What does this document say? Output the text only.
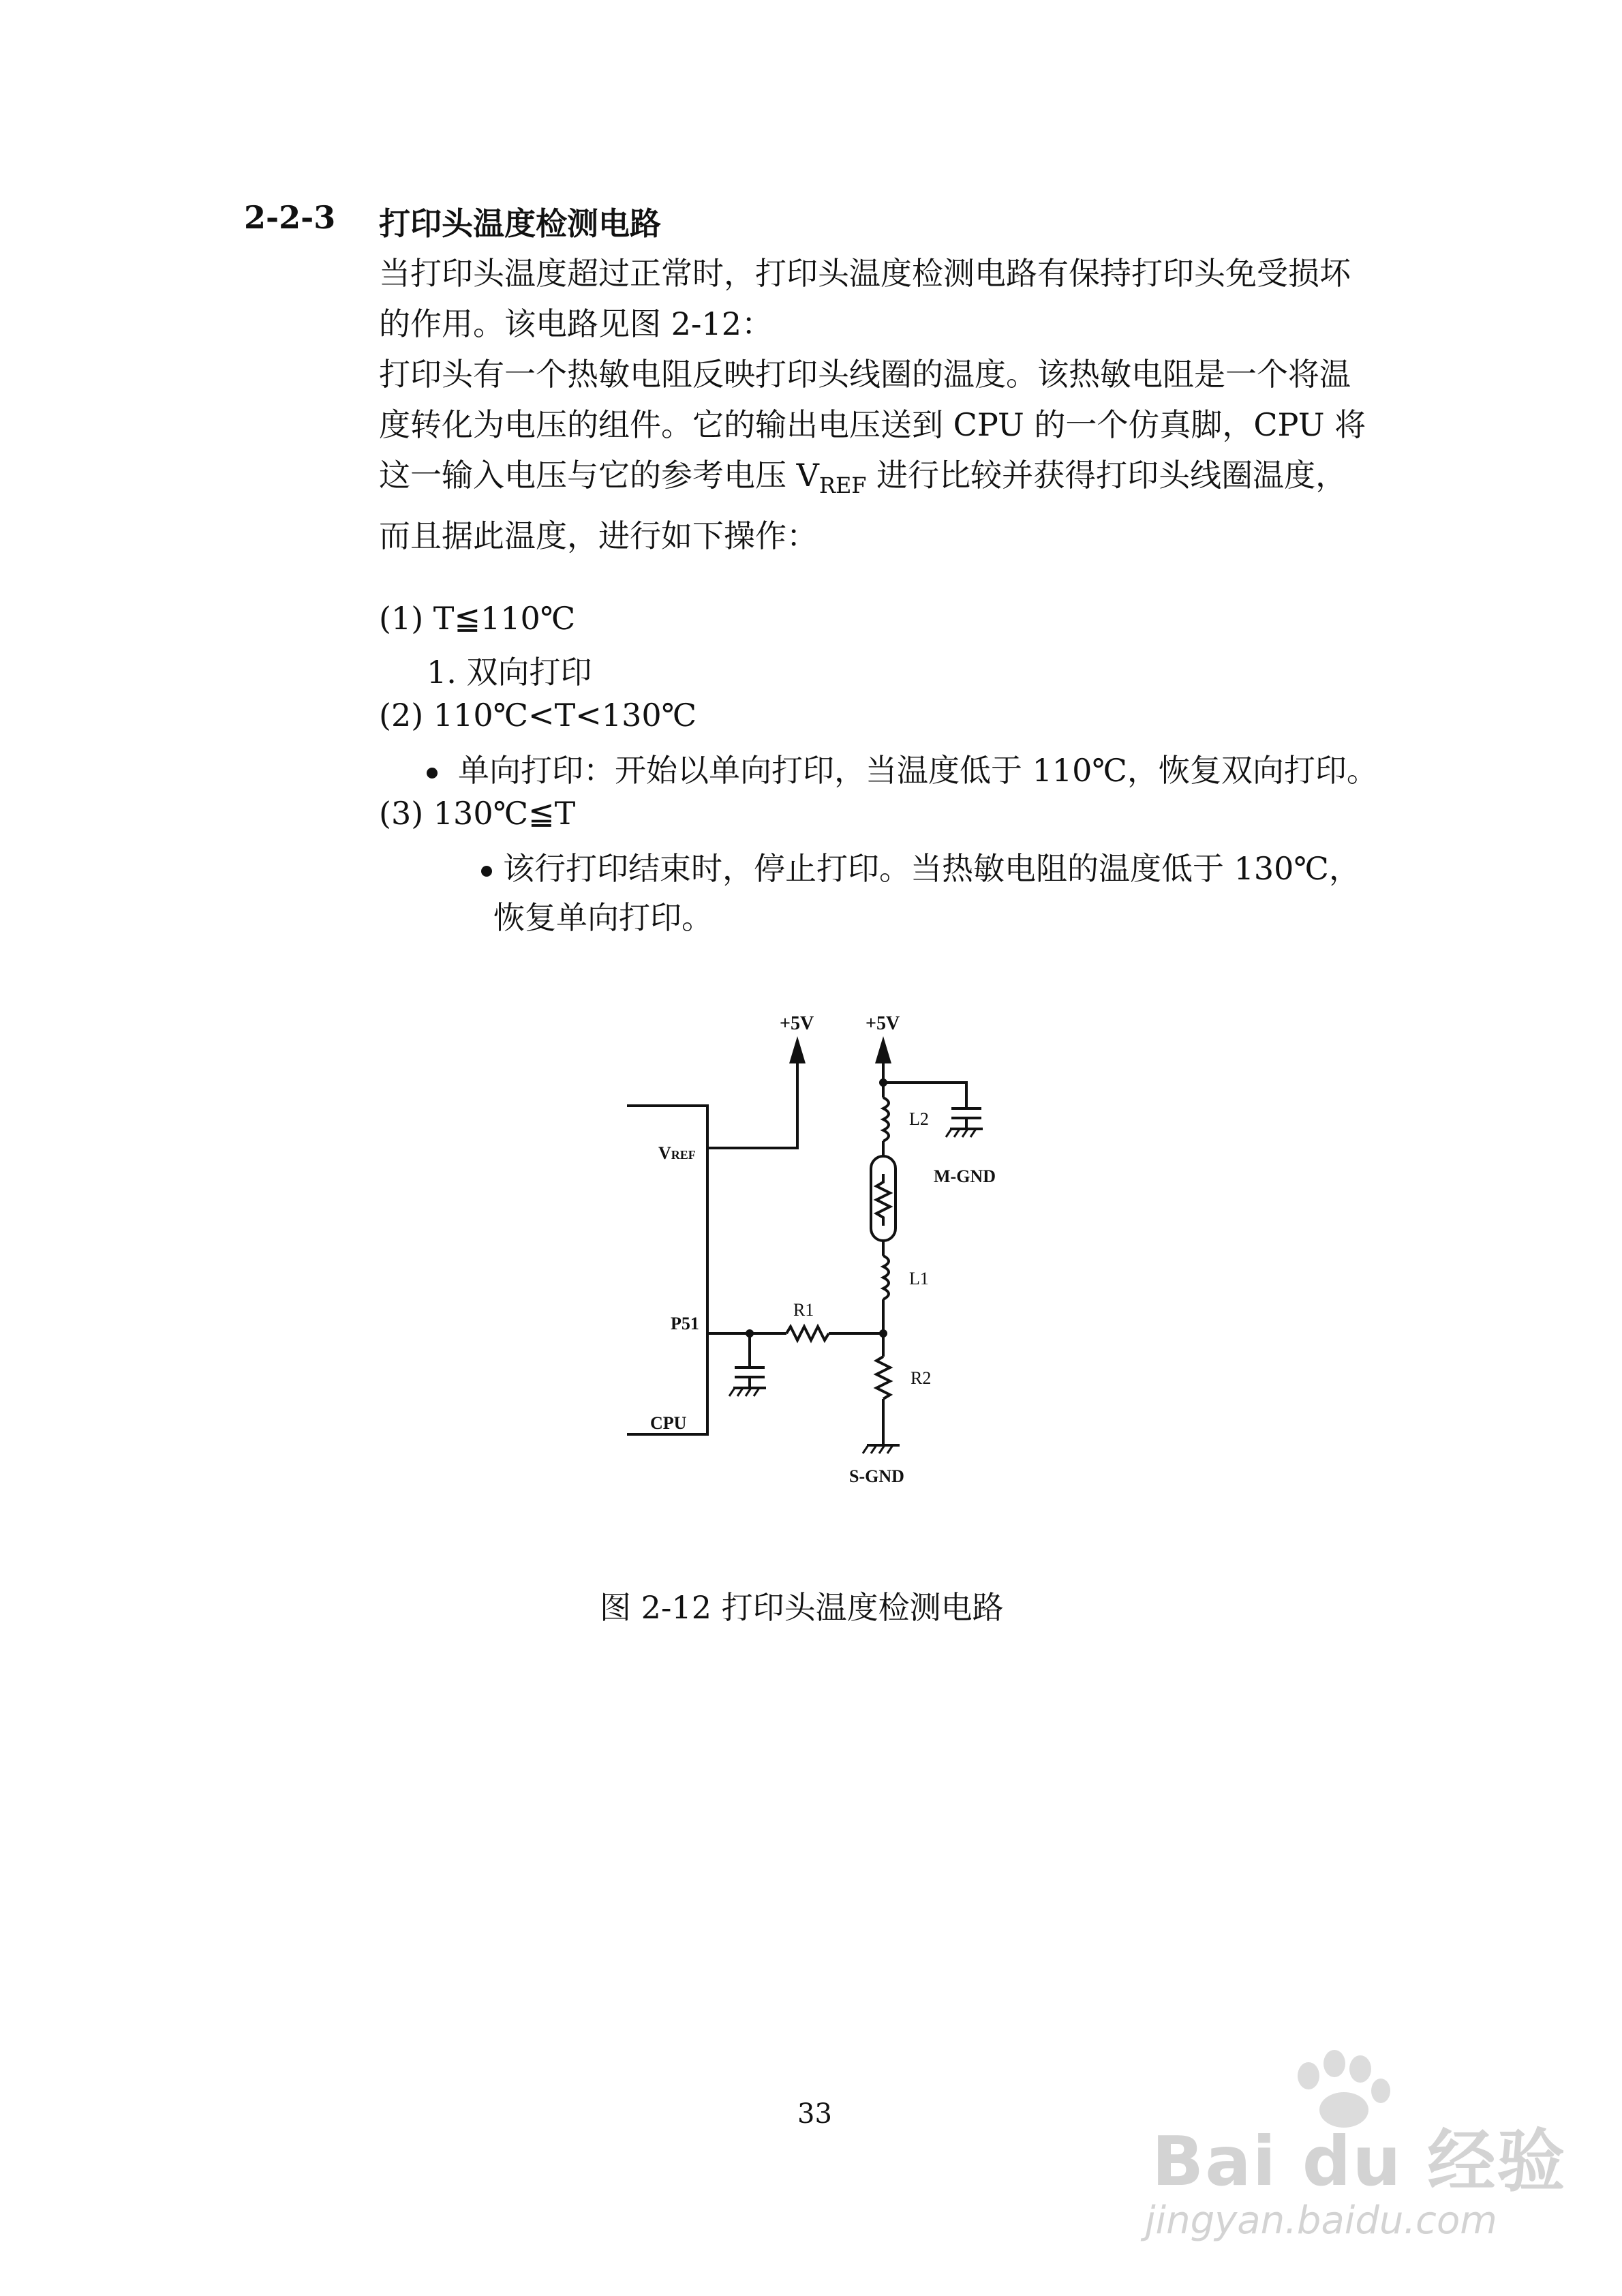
2-2-3 打印头温度检测电路
当打印头温度超过正常时，打印头温度检测电路有保持打印头免受损坏
的作用。该电路见图 2-12：
打印头有一个热敏电阻反映打印头线圈的温度。该热敏电阻是一个将温
度转化为电压的组件。它的输出电压送到 CPU 的一个仿真脚，CPU 将
这一输入电压与它的参考电压 $V_{REF}$ 进行比较并获得打印头线圈温度，
而且据此温度，进行如下操作：
(1) T≦110℃
1. 双向打印
(2) 110℃<T<130℃
单向打印：开始以单向打印，当温度低于 110℃，恢复双向打印。
(3) 130℃≦T
该行打印结束时，停止打印。当热敏电阻的温度低于 130℃，
恢复单向打印。
+5V	+5V
VREF
P51
CPU
R1
R2
L1
L2
M-GND
S-GND
图 2-12 打印头温度检测电路
33
Bai du 经验
jingyan.baidu.com
